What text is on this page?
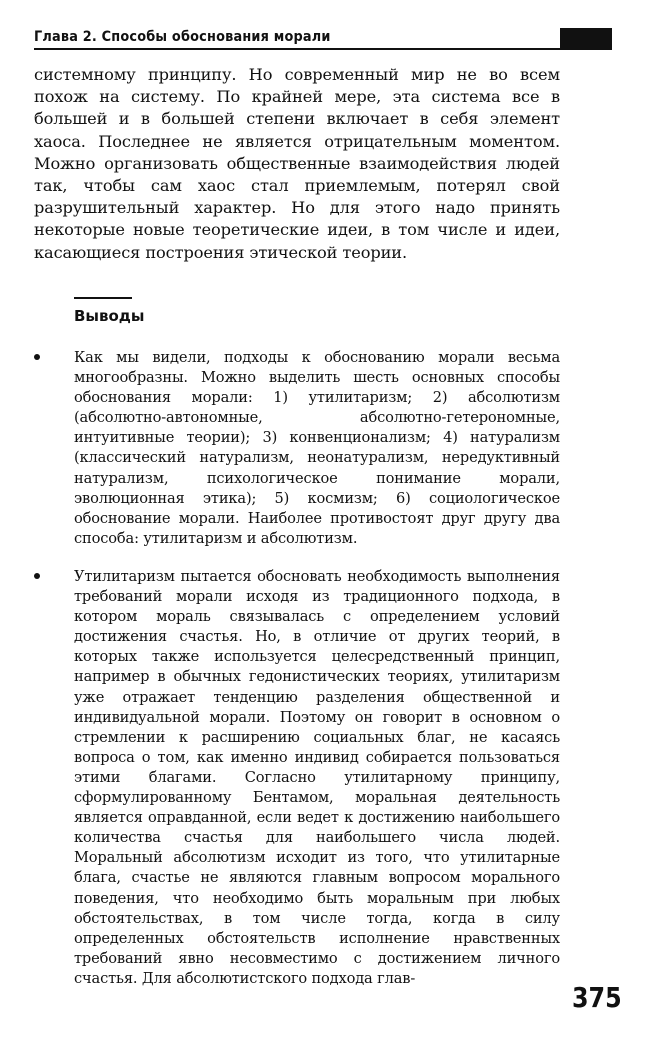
Глава 2. Способы обоснования морали

системному принципу. Но современный мир не во всем похож на систему. По крайней мере, эта система все в большей и в большей степени включает в себя элемент хаоса. Последнее не является отрицательным моментом. Можно организовать общественные взаимодействия людей так, чтобы сам хаос стал приемлемым, потерял свой разрушительный характер. Но для этого надо принять некоторые новые теоретические идеи, в том числе и идеи, касающиеся построения этической теории.

Выводы

Как мы видели, подходы к обоснованию морали весьма многообразны. Можно выделить шесть основных способы обоснования морали: 1) утилитаризм; 2) абсолютизм (абсолютно-автономные, абсолютно-гетерономные, интуитивные теории); 3) конвенционализм; 4) натурализм (классический натурализм, неонатурализм, нередуктивный натурализм, психологическое понимание морали, эволюционная этика); 5) космизм; 6) социологическое обоснование морали. Наиболее противостоят друг другу два способа: утилитаризм и абсолютизм.

Утилитаризм пытается обосновать необходимость выполнения требований морали исходя из традиционного подхода, в котором мораль связывалась с определением условий достижения счастья. Но, в отличие от других теорий, в которых также используется целесредственный принцип, например в обычных гедонистических теориях, утилитаризм уже отражает тенденцию разделения общественной и индивидуальной морали. Поэтому он говорит в основном о стремлении к расширению социальных благ, не касаясь вопроса о том, как именно индивид собирается пользоваться этими благами. Согласно утилитарному принципу, сформулированному Бентамом, моральная деятельность является оправданной, если ведет к достижению наибольшего количества счастья для наибольшего числа людей. Моральный абсолютизм исходит из того, что утилитарные блага, счастье не являются главным вопросом морального поведения, что необходимо быть моральным при любых обстоятельствах, в том числе тогда, когда в силу определенных обстоятельств исполнение нравственных требований явно несовместимо с достижением личного счастья. Для абсолютистского подхода глав-

375
